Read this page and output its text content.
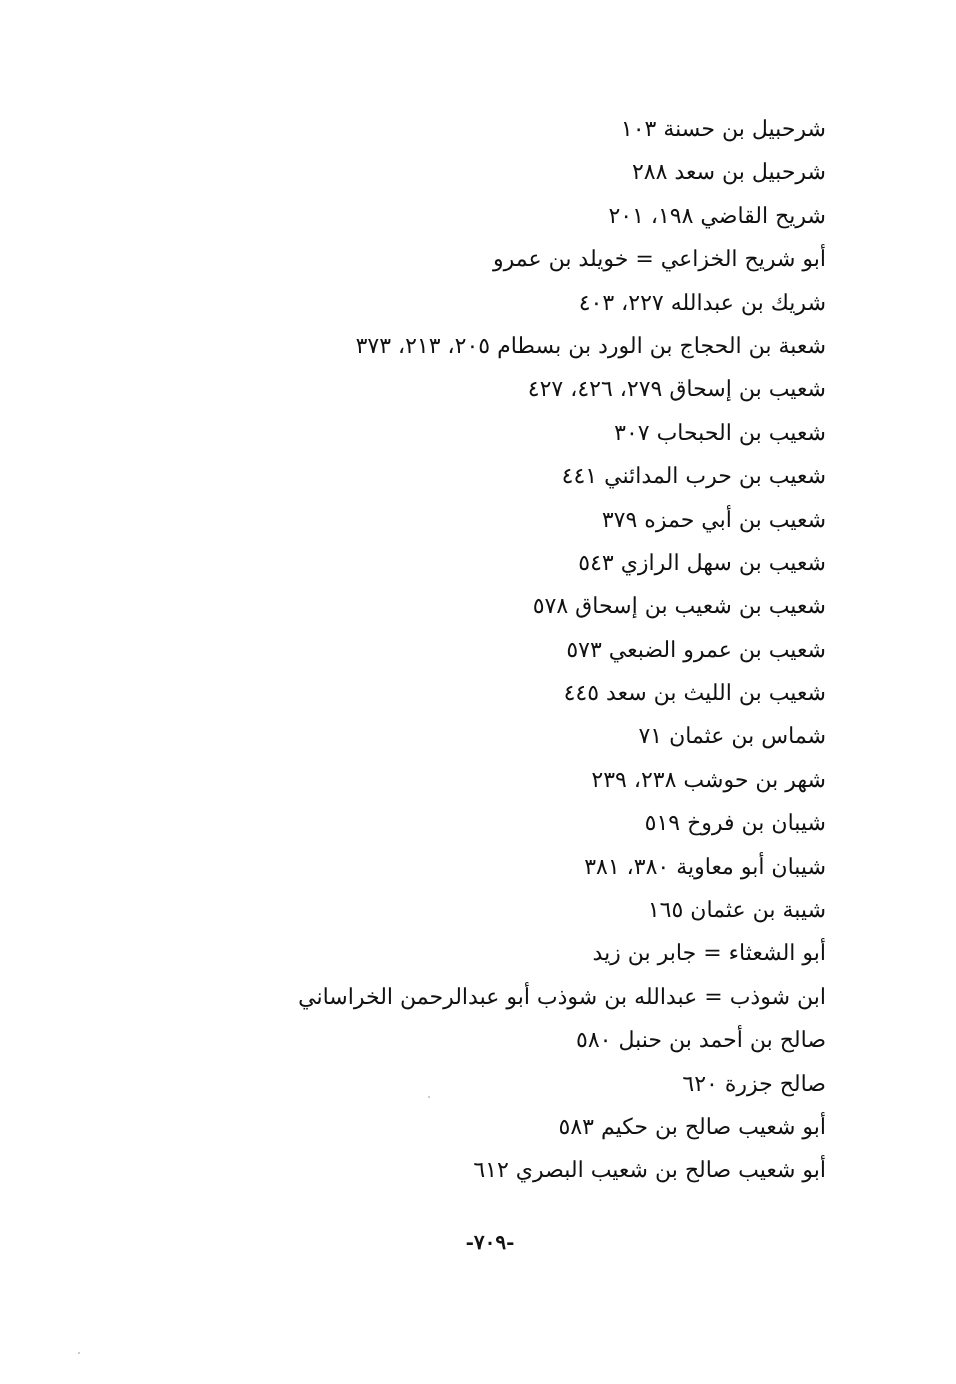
شرحبيل بن حسنة ١٠٣
شرحبيل بن سعد ٢٨٨
شريح القاضي ١٩٨، ٢٠١
أبو شريح الخزاعي = خويلد بن عمرو
شريك بن عبدالله ٢٢٧، ٤٠٣
شعبة بن الحجاج بن الورد بن بسطام ٢٠٥، ٢١٣، ٣٧٣
شعيب بن إسحاق ٢٧٩، ٤٢٦، ٤٢٧
شعيب بن الحبحاب ٣٠٧
شعيب بن حرب المدائني ٤٤١
شعيب بن أبي حمزه ٣٧٩
شعيب بن سهل الرازي ٥٤٣
شعيب بن شعيب بن إسحاق ٥٧٨
شعيب بن عمرو الضبعي ٥٧٣
شعيب بن الليث بن سعد ٤٤٥
شماس بن عثمان ٧١
شهر بن حوشب ٢٣٨، ٢٣٩
شيبان بن فروخ ٥١٩
شيبان أبو معاوية ٣٨٠، ٣٨١
شيبة بن عثمان ١٦٥
أبو الشعثاء = جابر بن زيد
ابن شوذب = عبدالله بن شوذب أبو عبدالرحمن الخراساني
صالح بن أحمد بن حنبل ٥٨٠
صالح جزرة ٦٢٠
أبو شعيب صالح بن حكيم ٥٨٣
أبو شعيب صالح بن شعيب البصري ٦١٢
-٧٠٩-
